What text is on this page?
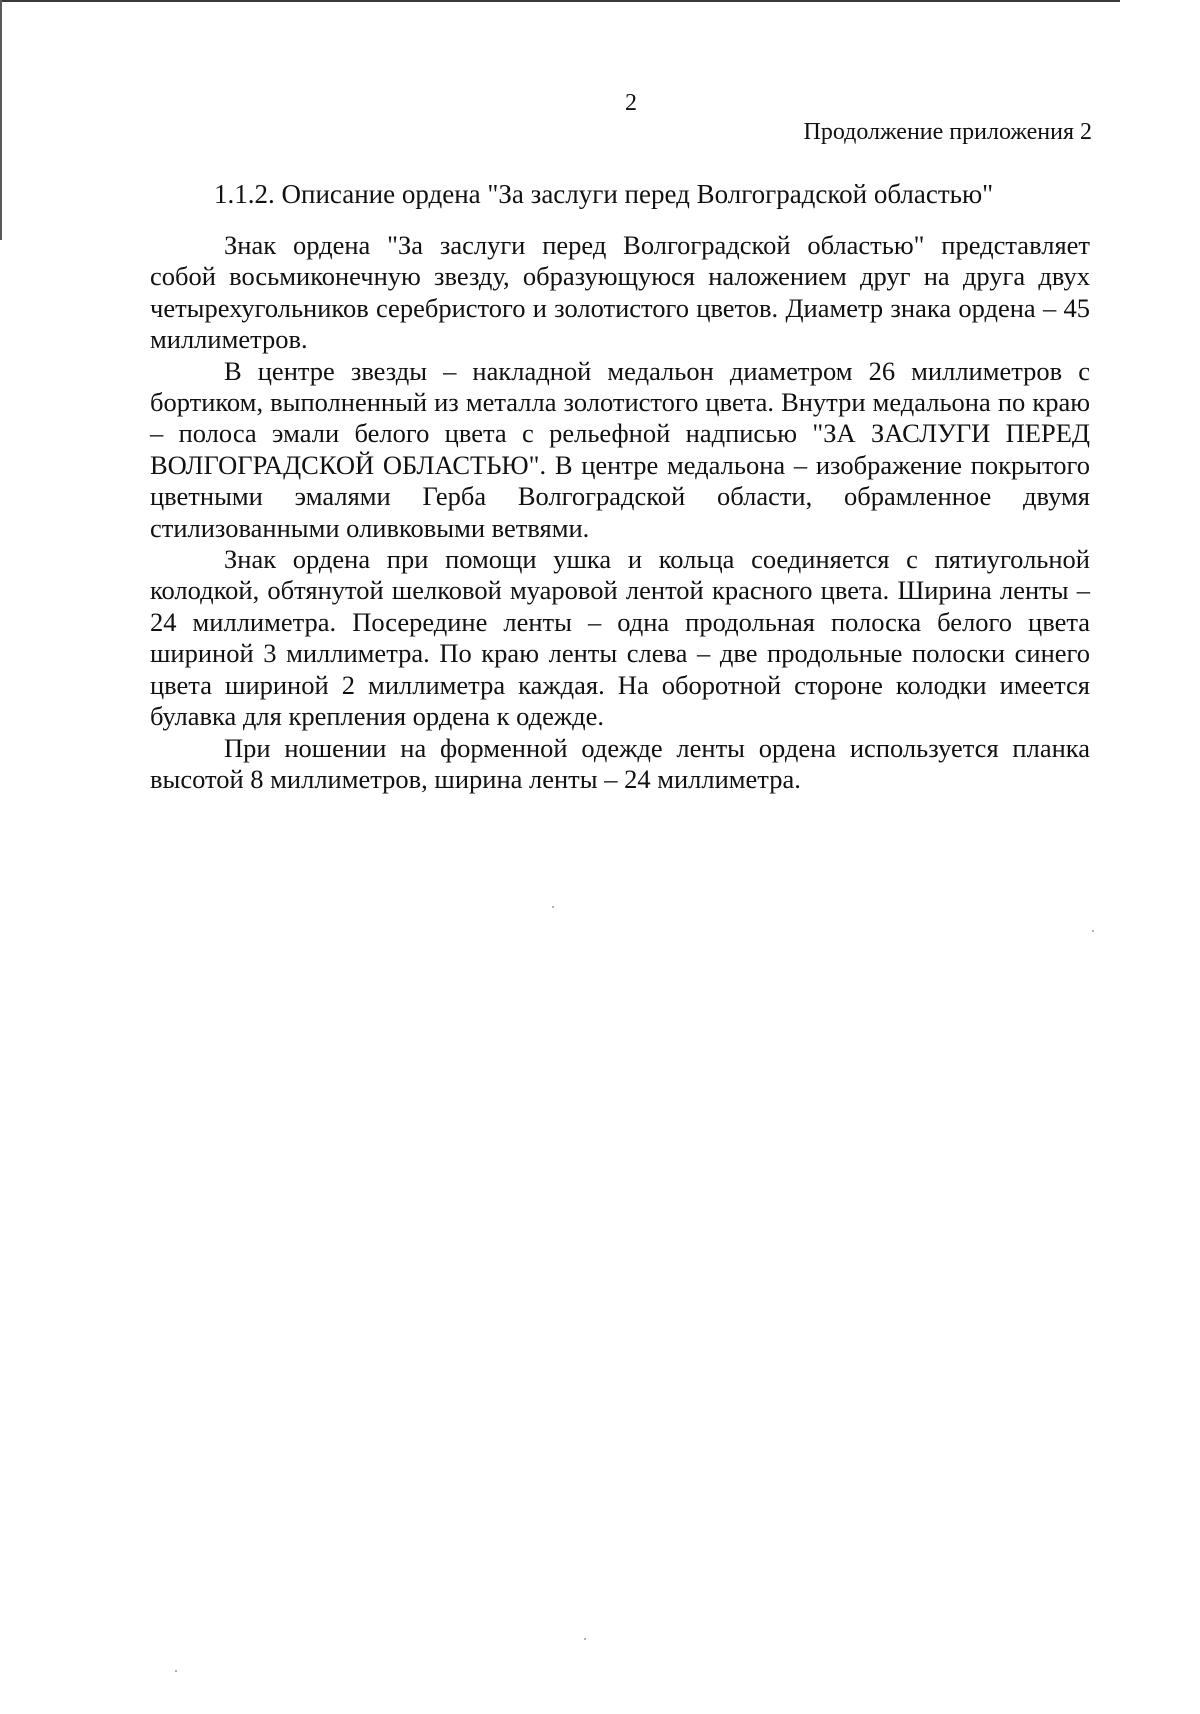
2
Продолжение приложения 2
1.1.2. Описание ордена "За заслуги перед Волгоградской областью"

Знак ордена "За заслуги перед Волгоградской областью" представляет собой восьмиконечную звезду, образующуюся наложением друг на друга двух четырехугольников серебристого и золотистого цветов. Диаметр знака ордена – 45 миллиметров.

В центре звезды – накладной медальон диаметром 26 миллиметров с бортиком, выполненный из металла золотистого цвета. Внутри медальона по краю – полоса эмали белого цвета с рельефной надписью "ЗА ЗАСЛУГИ ПЕРЕД ВОЛГОГРАДСКОЙ ОБЛАСТЬЮ". В центре медальона – изображение покрытого цветными эмалями Герба Волгоградской области, обрамленное двумя стилизованными оливковыми ветвями.

Знак ордена при помощи ушка и кольца соединяется с пятиугольной колодкой, обтянутой шелковой муаровой лентой красного цвета. Ширина ленты – 24 миллиметра. Посередине ленты – одна продольная полоска белого цвета шириной 3 миллиметра. По краю ленты слева – две продольные полоски синего цвета шириной 2 миллиметра каждая. На оборотной стороне колодки имеется булавка для крепления ордена к одежде.

При ношении на форменной одежде ленты ордена используется планка высотой 8 миллиметров, ширина ленты – 24 миллиметра.
